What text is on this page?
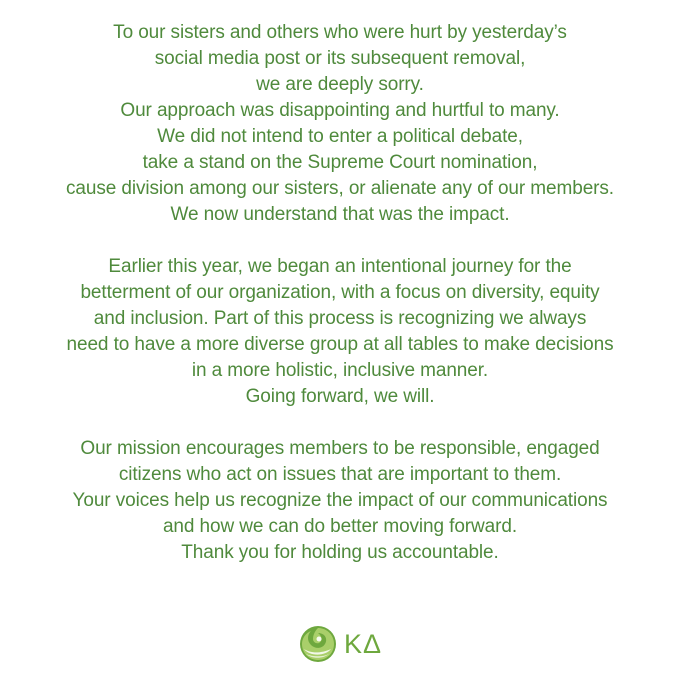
To our sisters and others who were hurt by yesterday’s
social media post or its subsequent removal,
we are deeply sorry.
Our approach was disappointing and hurtful to many.
We did not intend to enter a political debate,
take a stand on the Supreme Court nomination,
cause division among our sisters, or alienate any of our members.
We now understand that was the impact.

Earlier this year, we began an intentional journey for the
betterment of our organization, with a focus on diversity, equity
and inclusion. Part of this process is recognizing we always
need to have a more diverse group at all tables to make decisions
in a more holistic, inclusive manner.
Going forward, we will.

Our mission encourages members to be responsible, engaged
citizens who act on issues that are important to them.
Your voices help us recognize the impact of our communications
and how we can do better moving forward.
Thank you for holding us accountable.

ΚΔ
